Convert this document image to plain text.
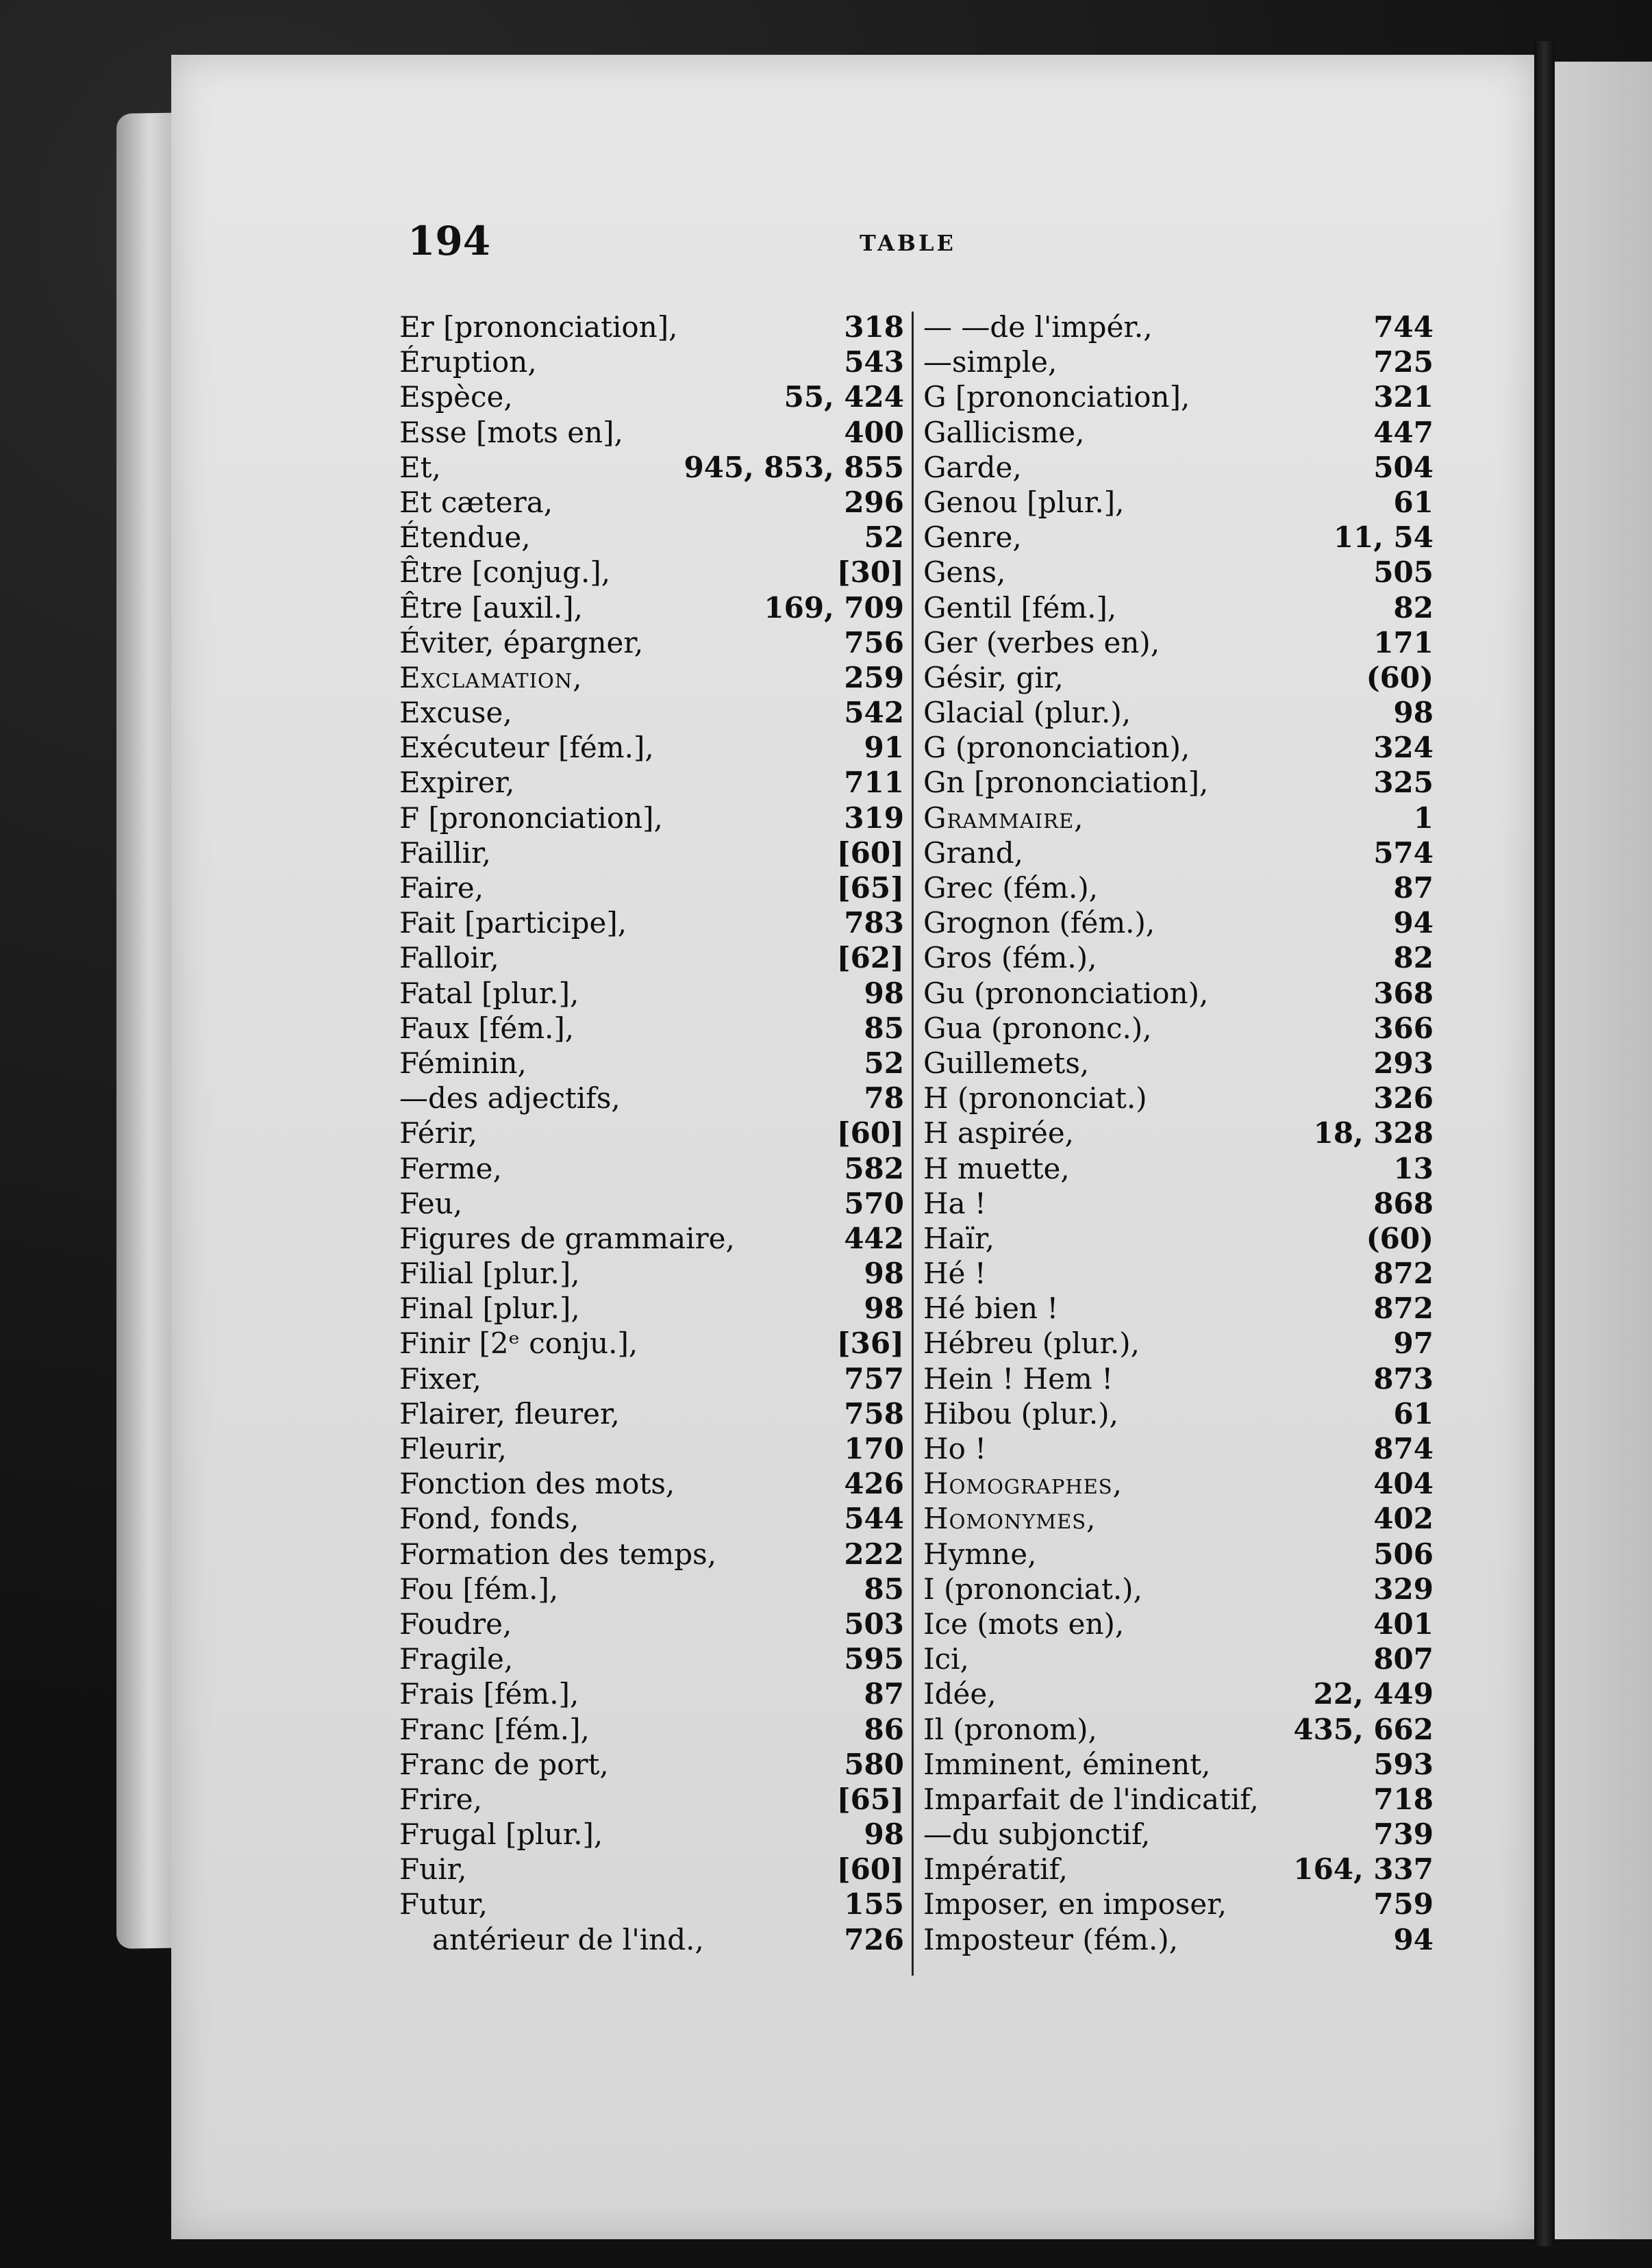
194	TABLE
Er [prononciation],	318
Éruption,	543
Espèce,	55, 424
Esse [mots en],	400
Et,	945, 853, 855
Et cætera,	296
Étendue,	52
Être [conjug.],	[30]
Être [auxil.],	169, 709
Éviter, épargner,	756
Exclamation,	259
Excuse,	542
Exécuteur [fém.],	91
Expirer,	711
F [prononciation],	319
Faillir,	[60]
Faire,	[65]
Fait [participe],	783
Falloir,	[62]
Fatal [plur.],	98
Faux [fém.],	85
Féminin,	52
—des adjectifs,	78
Férir,	[60]
Ferme,	582
Feu,	570
Figures de grammaire,	442
Filial [plur.],	98
Final [plur.],	98
Finir [2ᵉ conju.],	[36]
Fixer,	757
Flairer, fleurer,	758
Fleurir,	170
Fonction des mots,	426
Fond, fonds,	544
Formation des temps,	222
Fou [fém.],	85
Foudre,	503
Fragile,	595
Frais [fém.],	87
Franc [fém.],	86
Franc de port,	580
Frire,	[65]
Frugal [plur.],	98
Fuir,	[60]
Futur,	155
antérieur de l'ind.,	726
— —de l'impér.,	744
—simple,	725
G [prononciation],	321
Gallicisme,	447
Garde,	504
Genou [plur.],	61
Genre,	11, 54
Gens,	505
Gentil [fém.],	82
Ger (verbes en),	171
Gésir, gir,	(60)
Glacial (plur.),	98
G (prononciation),	324
Gn [prononciation],	325
Grammaire,	1
Grand,	574
Grec (fém.),	87
Grognon (fém.),	94
Gros (fém.),	82
Gu (prononciation),	368
Gua (prononc.),	366
Guillemets,	293
H (prononciat.)	326
H aspirée,	18, 328
H muette,	13
Ha !	868
Haïr,	(60)
Hé !	872
Hé bien !	872
Hébreu (plur.),	97
Hein ! Hem !	873
Hibou (plur.),	61
Ho !	874
Homographes,	404
Homonymes,	402
Hymne,	506
I (prononciat.),	329
Ice (mots en),	401
Ici,	807
Idée,	22, 449
Il (pronom),	435, 662
Imminent, éminent,	593
Imparfait de l'indicatif,	718
—du subjonctif,	739
Impératif,	164, 337
Imposer, en imposer,	759
Imposteur (fém.),	94
